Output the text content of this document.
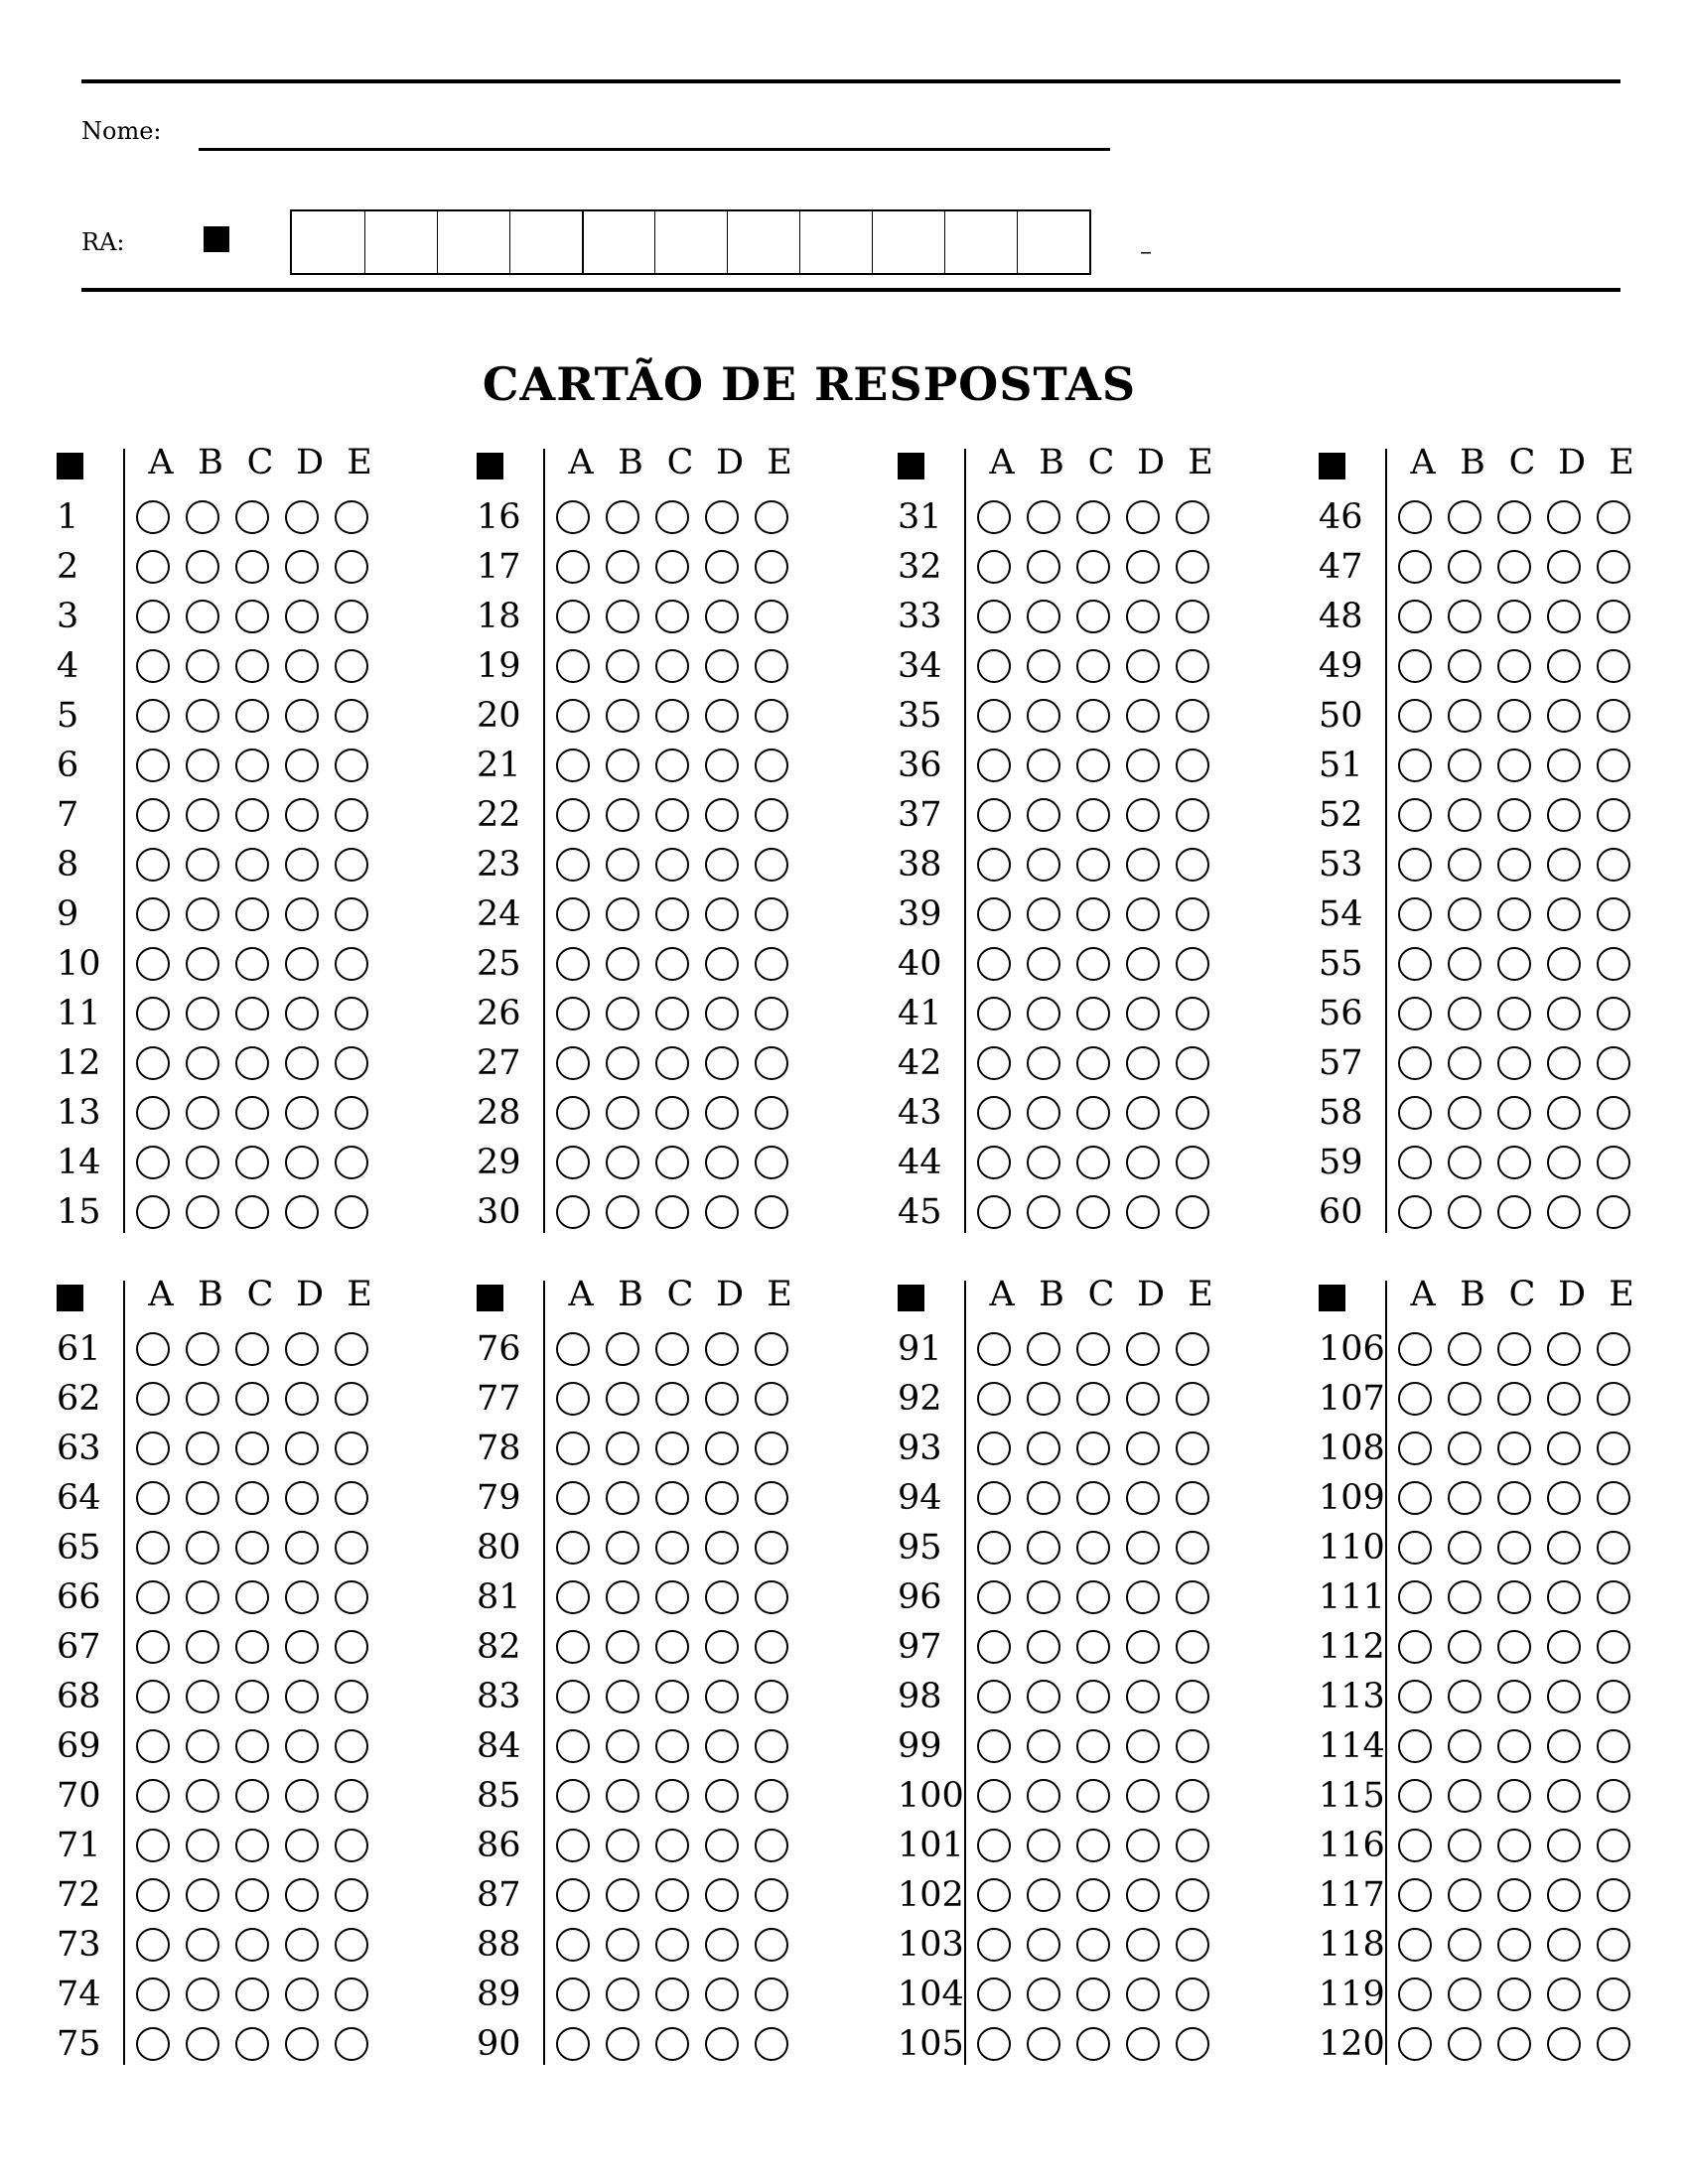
Nome:
RA:	–
CARTÃO DE RESPOSTAS
A B C D E
1
2
3
4
5
6
7
8
9
10
11
12
13
14
15
A B C D E
16
17
18
19
20
21
22
23
24
25
26
27
28
29
30
A B C D E
31
32
33
34
35
36
37
38
39
40
41
42
43
44
45
A B C D E
46
47
48
49
50
51
52
53
54
55
56
57
58
59
60
A B C D E
61
62
63
64
65
66
67
68
69
70
71
72
73
74
75
A B C D E
76
77
78
79
80
81
82
83
84
85
86
87
88
89
90
A B C D E
91
92
93
94
95
96
97
98
99
100
101
102
103
104
105
A B C D E
106
107
108
109
110
111
112
113
114
115
116
117
118
119
120
